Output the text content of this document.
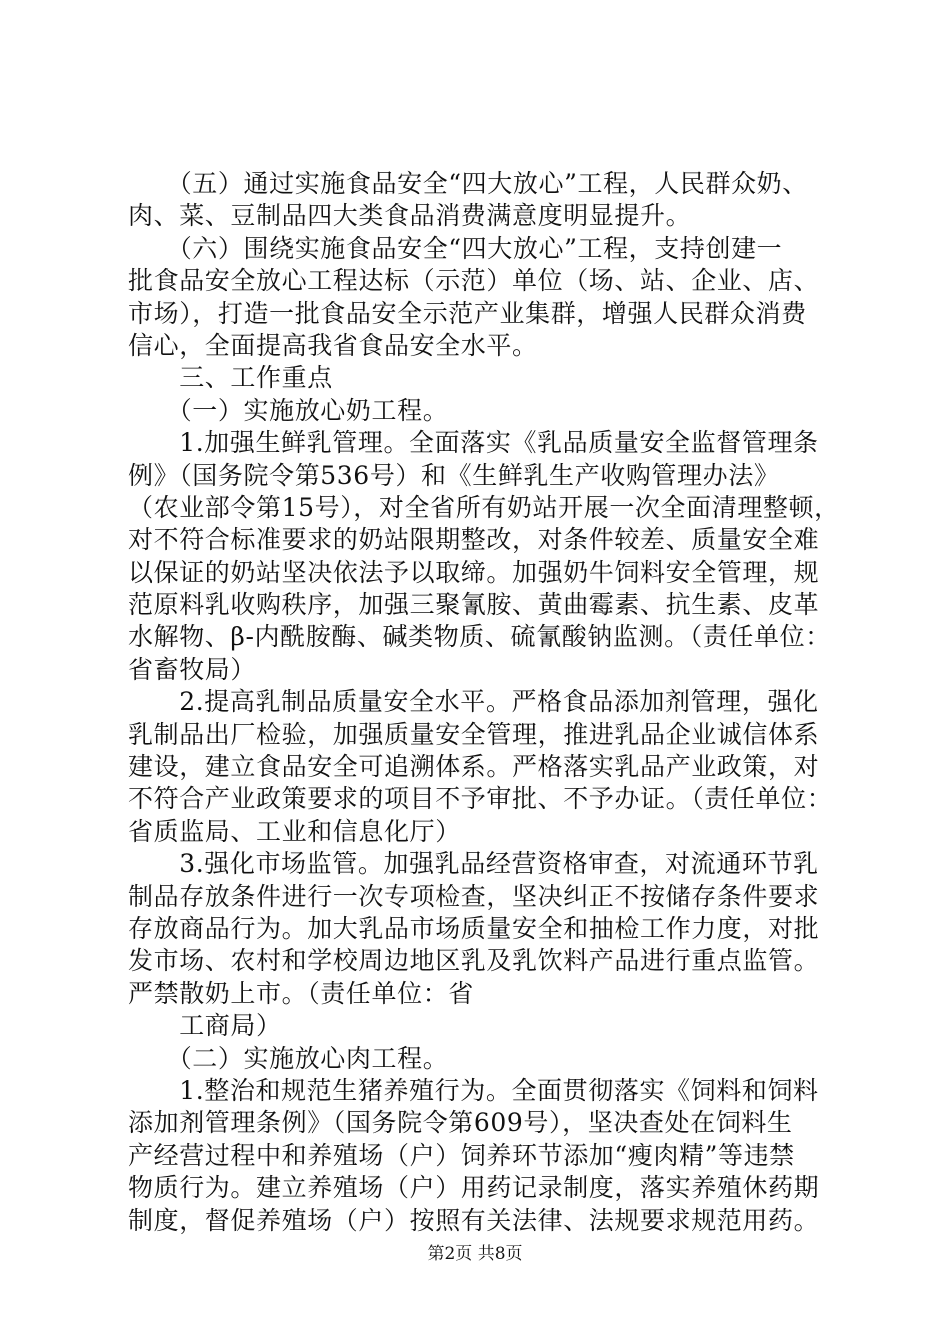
　　（五）通过实施食品安全“四大放心”工程，人民群众奶、
肉、菜、豆制品四大类食品消费满意度明显提升。
　　（六）围绕实施食品安全“四大放心”工程，支持创建一
批食品安全放心工程达标（示范）单位（场、站、企业、店、
市场），打造一批食品安全示范产业集群，增强人民群众消费
信心，全面提高我省食品安全水平。
　　三、工作重点
　　（一）实施放心奶工程。
　　1.加强生鲜乳管理。全面落实《乳品质量安全监督管理条
例》（国务院令第536号）和《生鲜乳生产收购管理办法》
（农业部令第15号），对全省所有奶站开展一次全面清理整顿，
对不符合标准要求的奶站限期整改，对条件较差、质量安全难
以保证的奶站坚决依法予以取缔。加强奶牛饲料安全管理，规
范原料乳收购秩序，加强三聚氰胺、黄曲霉素、抗生素、皮革
水解物、β-内酰胺酶、碱类物质、硫氰酸钠监测。（责任单位：
省畜牧局）
　　2.提高乳制品质量安全水平。严格食品添加剂管理，强化
乳制品出厂检验，加强质量安全管理，推进乳品企业诚信体系
建设，建立食品安全可追溯体系。严格落实乳品产业政策，对
不符合产业政策要求的项目不予审批、不予办证。（责任单位：
省质监局、工业和信息化厅）
　　3.强化市场监管。加强乳品经营资格审查，对流通环节乳
制品存放条件进行一次专项检查，坚决纠正不按储存条件要求
存放商品行为。加大乳品市场质量安全和抽检工作力度，对批
发市场、农村和学校周边地区乳及乳饮料产品进行重点监管。
严禁散奶上市。（责任单位：省
　　工商局）
　　（二）实施放心肉工程。
　　1.整治和规范生猪养殖行为。全面贯彻落实《饲料和饲料
添加剂管理条例》（国务院令第609号），坚决查处在饲料生
产经营过程中和养殖场（户）饲养环节添加“瘦肉精”等违禁
物质行为。建立养殖场（户）用药记录制度，落实养殖休药期
制度，督促养殖场（户）按照有关法律、法规要求规范用药。
第2页 共8页
